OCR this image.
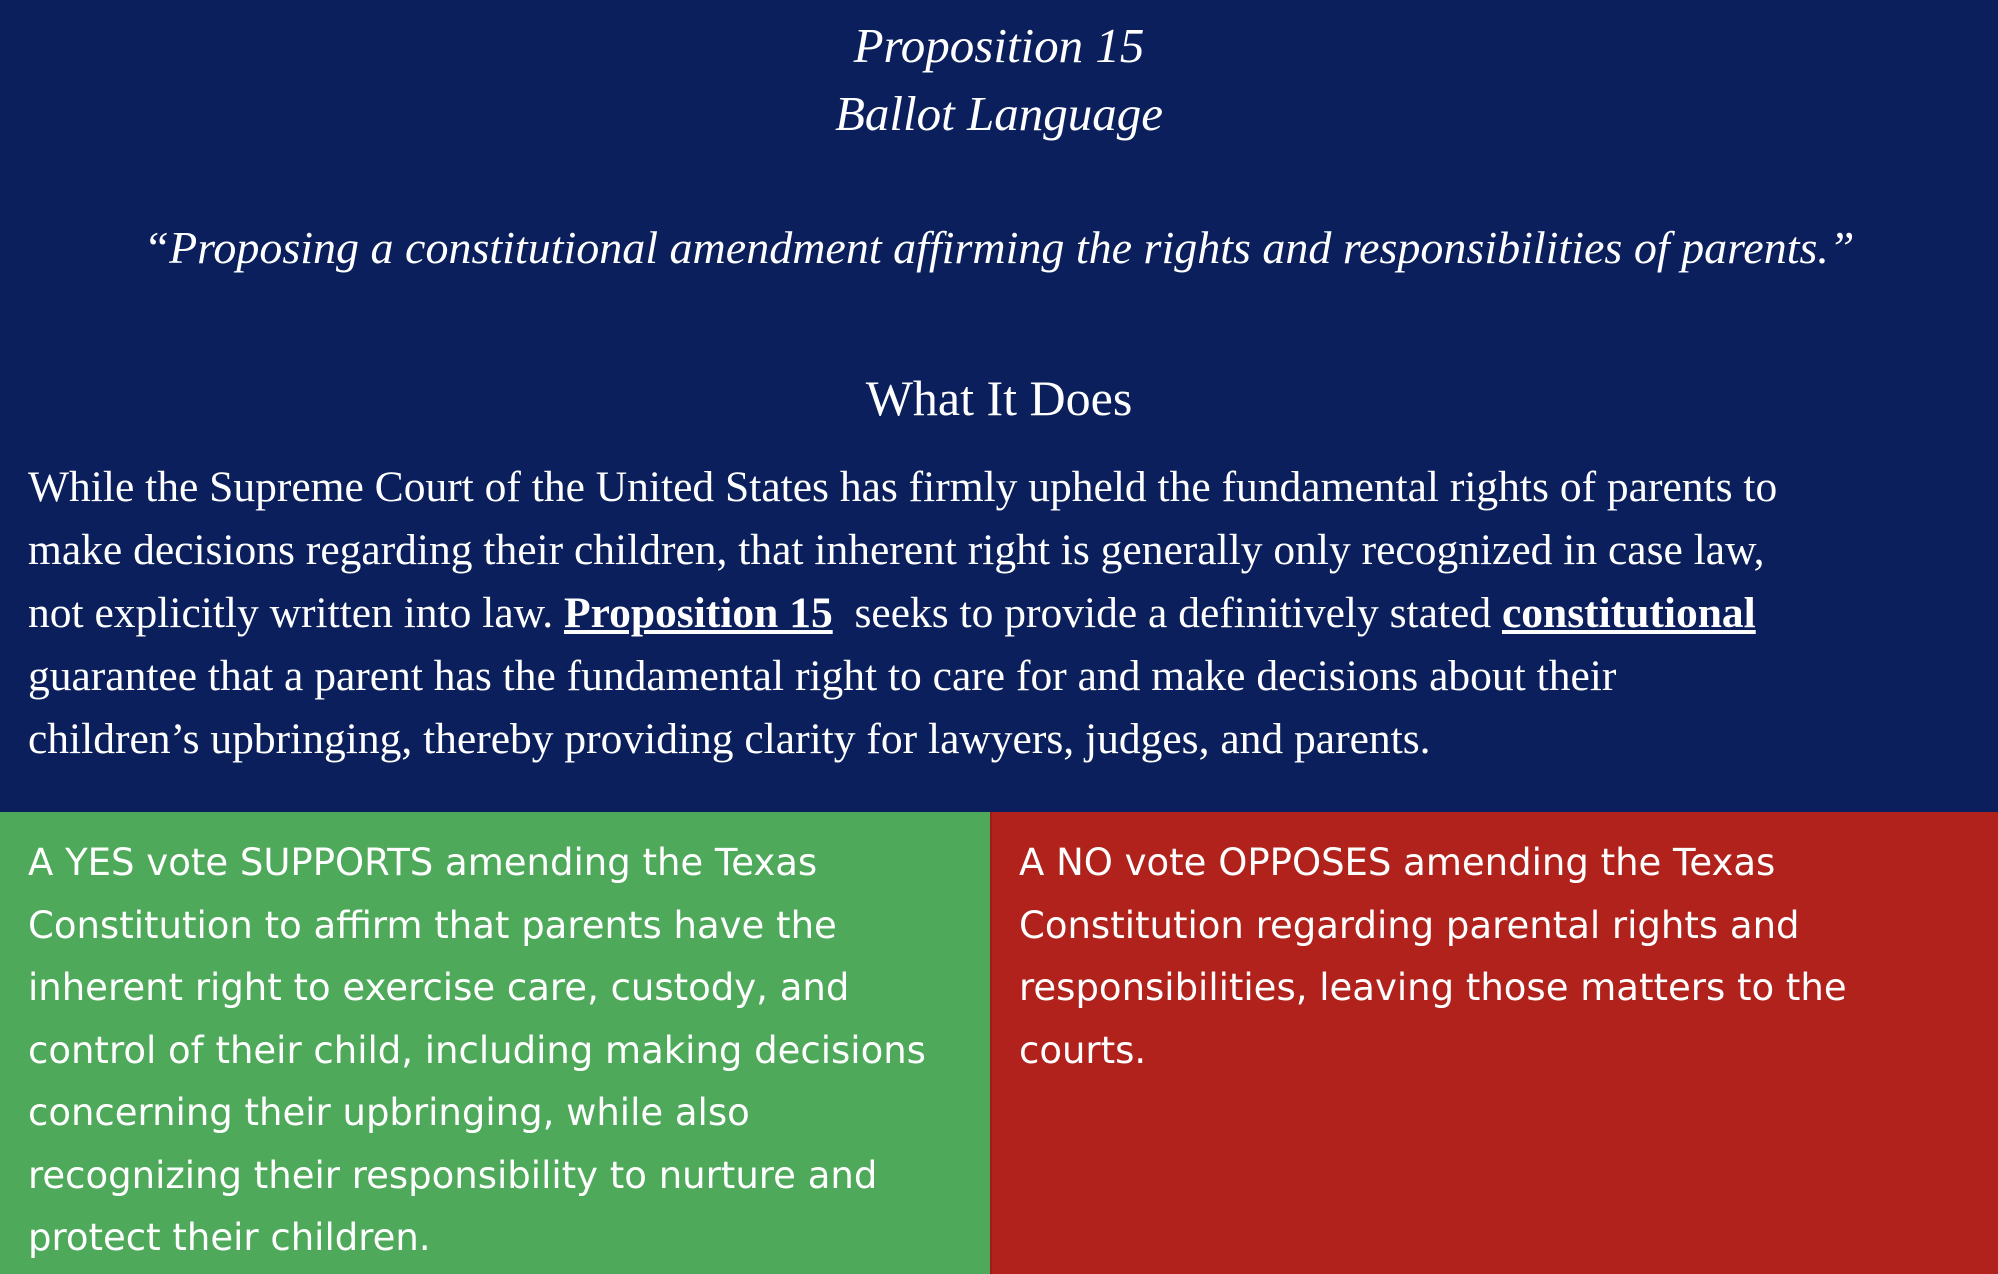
Proposition 15
Ballot Language
“Proposing a constitutional amendment affirming the rights and responsibilities of parents.”
What It Does
While the Supreme Court of the United States has firmly upheld the fundamental rights of parents to
make decisions regarding their children, that inherent right is generally only recognized in case law,
not explicitly written into law. Proposition 15  seeks to provide a definitively stated constitutional
guarantee that a parent has the fundamental right to care for and make decisions about their
children’s upbringing, thereby providing clarity for lawyers, judges, and parents.
A YES vote SUPPORTS amending the Texas
Constitution to affirm that parents have the
inherent right to exercise care, custody, and
control of their child, including making decisions
concerning their upbringing, while also
recognizing their responsibility to nurture and
protect their children.
A NO vote OPPOSES amending the Texas
Constitution regarding parental rights and
responsibilities, leaving those matters to the
courts.
